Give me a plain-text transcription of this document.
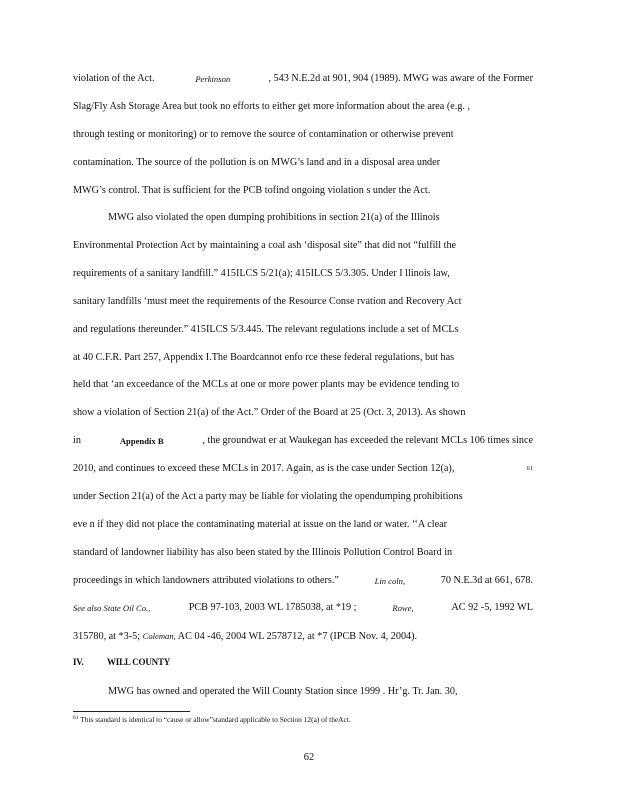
violation of the Act.	Perkinson	, 543 N.E.2d at 901, 904 (1989). MWG was aware of the Former
Slag/Fly Ash Storage Area but took no efforts to either get more information about the area (e.g. ,
through testing or monitoring) or to remove the source of contamination or otherwise prevent
contamination. The source of the pollution is on MWG’s land and in a disposal area under
MWG’s control. That is sufficient for the PCB tofind ongoing violation s under the Act.
MWG also violated the open dumping prohibitions in section 21(a) of the Illinois
Environmental Protection Act by maintaining a coal ash ‘disposal site” that did not “fulfill the
requirements of a sanitary landfill.” 415ILCS 5/21(a); 415ILCS 5/3.305. Under I llinois law,
sanitary landfills ‘must meet the requirements of the Resource Conse rvation and Recovery Act
and regulations thereunder.” 415ILCS 5/3.445. The relevant regulations include a set of MCLs
at 40 C.F.R. Part 257, Appendix I.The Boardcannot enfo rce these federal regulations, but has
held that ‘an exceedance of the MCLs at one or more power plants may be evidence tending to
show a violation of Section 21(a) of the Act.” Order of the Board at 25 (Oct. 3, 2013). As shown
in	Appendix B	, the groundwat er at Waukegan has exceeded the relevant MCLs 106 times since
2010, and continues to exceed these MCLs in 2017. Again, as is the case under Section 12(a),	61
under Section 21(a) of the Act a party may be liable for violating the opendumping prohibitions
eve n if they did not place the contaminating material at issue on the land or water. ‘‘A clear
standard of landowner liability has also been stated by the Illinois Pollution Control Board in
proceedings in which landowners attributed violations to others.”	Lin coln,	70 N.E.3d at 661, 678.
See also State Oil Co.,	PCB 97-103, 2003 WL 1785038, at *19 ;	Rowe,	AC 92 -5, 1992 WL
315780, at *3-5; Coleman, AC 04 -46, 2004 WL 2578712, at *7 (IPCB Nov. 4, 2004).
MWG has owned and operated the Will County Station since 1999 . Hr’g. Tr. Jan. 30,
IV.	WILL COUNTY
$^{61}$ This standard is identical to “cause or allow”standard applicable to Section 12(a) of theAct.
62
